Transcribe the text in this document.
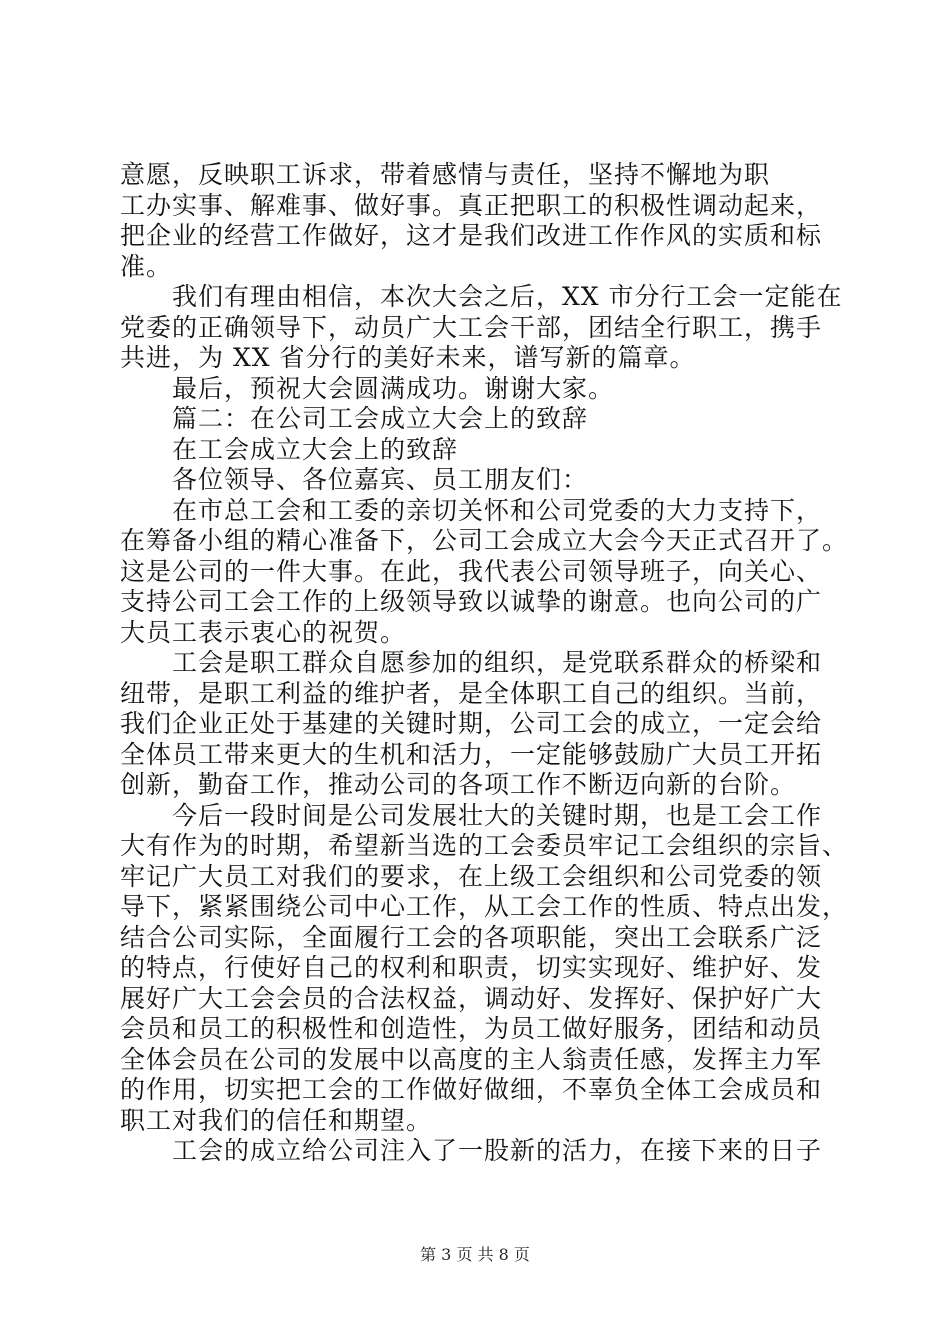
意愿，反映职工诉求，带着感情与责任，坚持不懈地为职
工办实事、解难事、做好事。真正把职工的积极性调动起来，
把企业的经营工作做好，这才是我们改进工作作风的实质和标
准。
　　我们有理由相信，本次大会之后，XX 市分行工会一定能在
党委的正确领导下，动员广大工会干部，团结全行职工，携手
共进，为 XX 省分行的美好未来，谱写新的篇章。
　　最后，预祝大会圆满成功。谢谢大家。
　　篇二：在公司工会成立大会上的致辞
　　在工会成立大会上的致辞
　　各位领导、各位嘉宾、员工朋友们：
　　在市总工会和工委的亲切关怀和公司党委的大力支持下，
在筹备小组的精心准备下，公司工会成立大会今天正式召开了。
这是公司的一件大事。在此，我代表公司领导班子，向关心、
支持公司工会工作的上级领导致以诚挚的谢意。也向公司的广
大员工表示衷心的祝贺。
　　工会是职工群众自愿参加的组织，是党联系群众的桥梁和
纽带，是职工利益的维护者，是全体职工自己的组织。当前，
我们企业正处于基建的关键时期，公司工会的成立，一定会给
全体员工带来更大的生机和活力，一定能够鼓励广大员工开拓
创新，勤奋工作，推动公司的各项工作不断迈向新的台阶。
　　今后一段时间是公司发展壮大的关键时期，也是工会工作
大有作为的时期，希望新当选的工会委员牢记工会组织的宗旨、
牢记广大员工对我们的要求，在上级工会组织和公司党委的领
导下，紧紧围绕公司中心工作，从工会工作的性质、特点出发，
结合公司实际，全面履行工会的各项职能，突出工会联系广泛
的特点，行使好自己的权利和职责，切实实现好、维护好、发
展好广大工会会员的合法权益，调动好、发挥好、保护好广大
会员和员工的积极性和创造性，为员工做好服务，团结和动员
全体会员在公司的发展中以高度的主人翁责任感，发挥主力军
的作用，切实把工会的工作做好做细，不辜负全体工会成员和
职工对我们的信任和期望。
　　工会的成立给公司注入了一股新的活力，在接下来的日子
第 3 页 共 8 页
